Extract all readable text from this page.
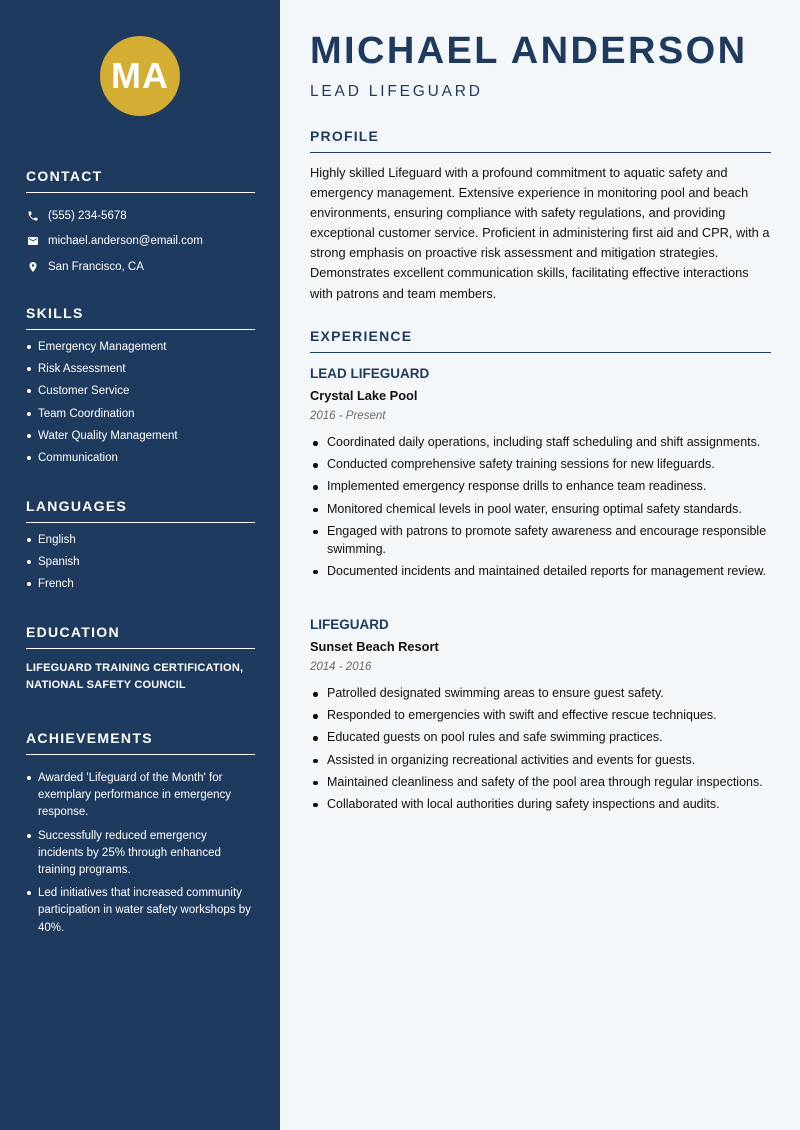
MA
CONTACT
(555) 234-5678
michael.anderson@email.com
San Francisco, CA
SKILLS
Emergency Management
Risk Assessment
Customer Service
Team Coordination
Water Quality Management
Communication
LANGUAGES
English
Spanish
French
EDUCATION
LIFEGUARD TRAINING CERTIFICATION, NATIONAL SAFETY COUNCIL
ACHIEVEMENTS
Awarded 'Lifeguard of the Month' for exemplary performance in emergency response.
Successfully reduced emergency incidents by 25% through enhanced training programs.
Led initiatives that increased community participation in water safety workshops by 40%.
MICHAEL ANDERSON
LEAD LIFEGUARD
PROFILE

Highly skilled Lifeguard with a profound commitment to aquatic safety and emergency management. Extensive experience in monitoring pool and beach environments, ensuring compliance with safety regulations, and providing exceptional customer service. Proficient in administering first aid and CPR, with a strong emphasis on proactive risk assessment and mitigation strategies. Demonstrates excellent communication skills, facilitating effective interactions with patrons and team members.

EXPERIENCE
LEAD LIFEGUARD
Crystal Lake Pool
2016 - Present
Coordinated daily operations, including staff scheduling and shift assignments.
Conducted comprehensive safety training sessions for new lifeguards.
Implemented emergency response drills to enhance team readiness.
Monitored chemical levels in pool water, ensuring optimal safety standards.
Engaged with patrons to promote safety awareness and encourage responsible swimming.
Documented incidents and maintained detailed reports for management review.
LIFEGUARD
Sunset Beach Resort
2014 - 2016
Patrolled designated swimming areas to ensure guest safety.
Responded to emergencies with swift and effective rescue techniques.
Educated guests on pool rules and safe swimming practices.
Assisted in organizing recreational activities and events for guests.
Maintained cleanliness and safety of the pool area through regular inspections.
Collaborated with local authorities during safety inspections and audits.
